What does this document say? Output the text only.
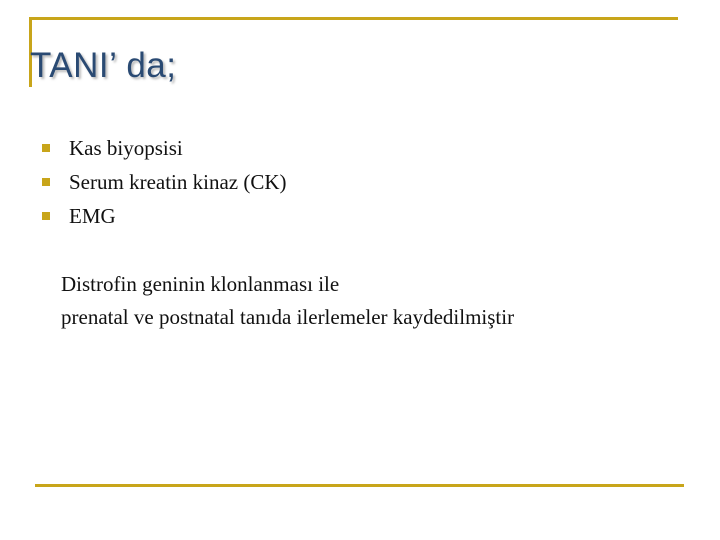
TANI’ da;
Kas biyopsisi
Serum kreatin kinaz (CK)
EMG
Distrofin geninin klonlanması ile
prenatal ve postnatal tanıda ilerlemeler kaydedilmiştir
